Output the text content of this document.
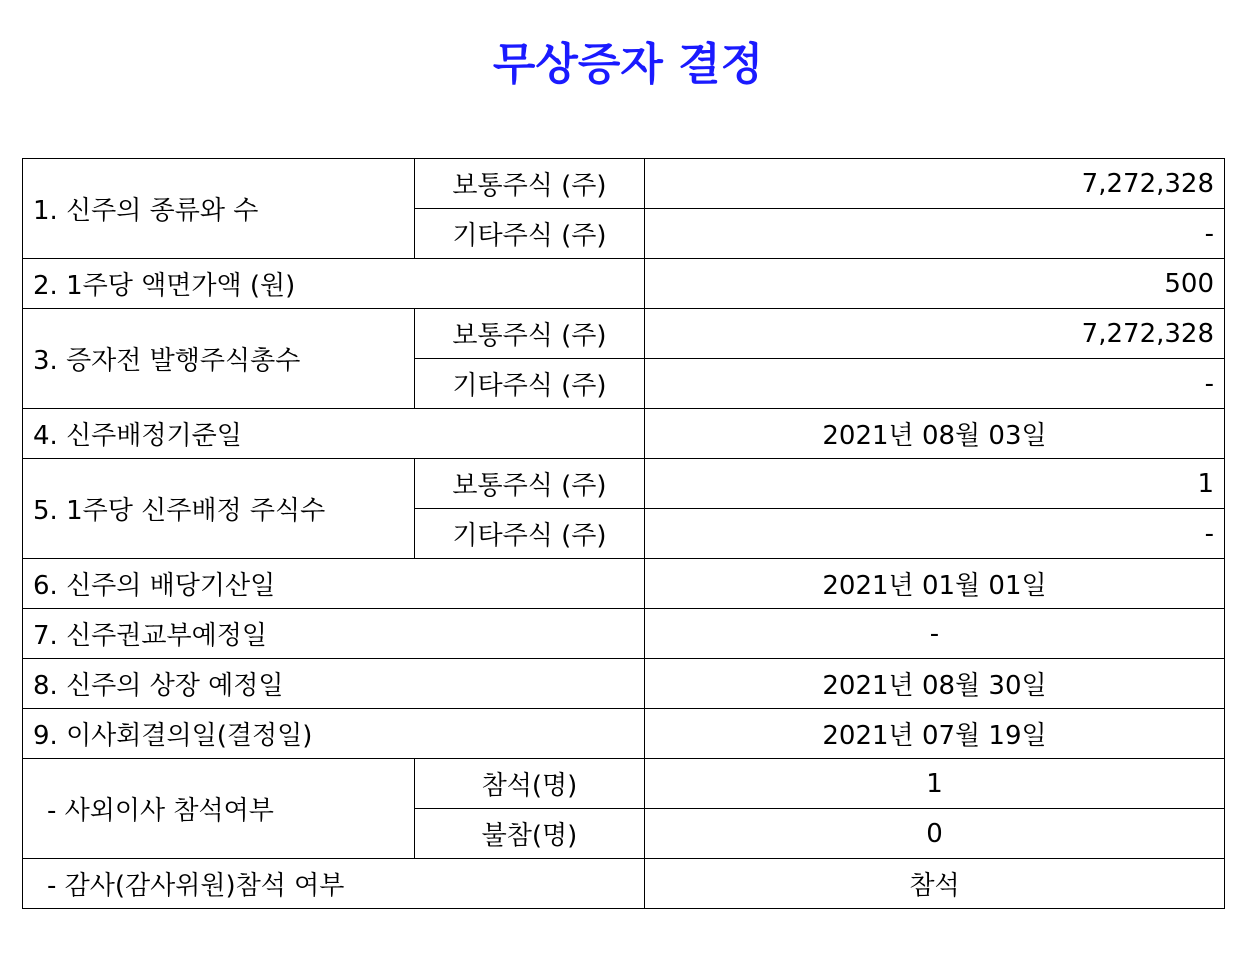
무상증자 결정
1. 신주의 종류와 수	보통주식 (주)	7,272,328
	기타주식 (주)	-
2. 1주당 액면가액 (원)		500
3. 증자전 발행주식총수	보통주식 (주)	7,272,328
	기타주식 (주)	-
4. 신주배정기준일		2021년 08월 03일
5. 1주당 신주배정 주식수	보통주식 (주)	1
	기타주식 (주)	-
6. 신주의 배당기산일		2021년 01월 01일
7. 신주권교부예정일		-
8. 신주의 상장 예정일		2021년 08월 30일
9. 이사회결의일(결정일)		2021년 07월 19일
- 사외이사 참석여부	참석(명)	1
	불참(명)	0
- 감사(감사위원)참석 여부		참석
